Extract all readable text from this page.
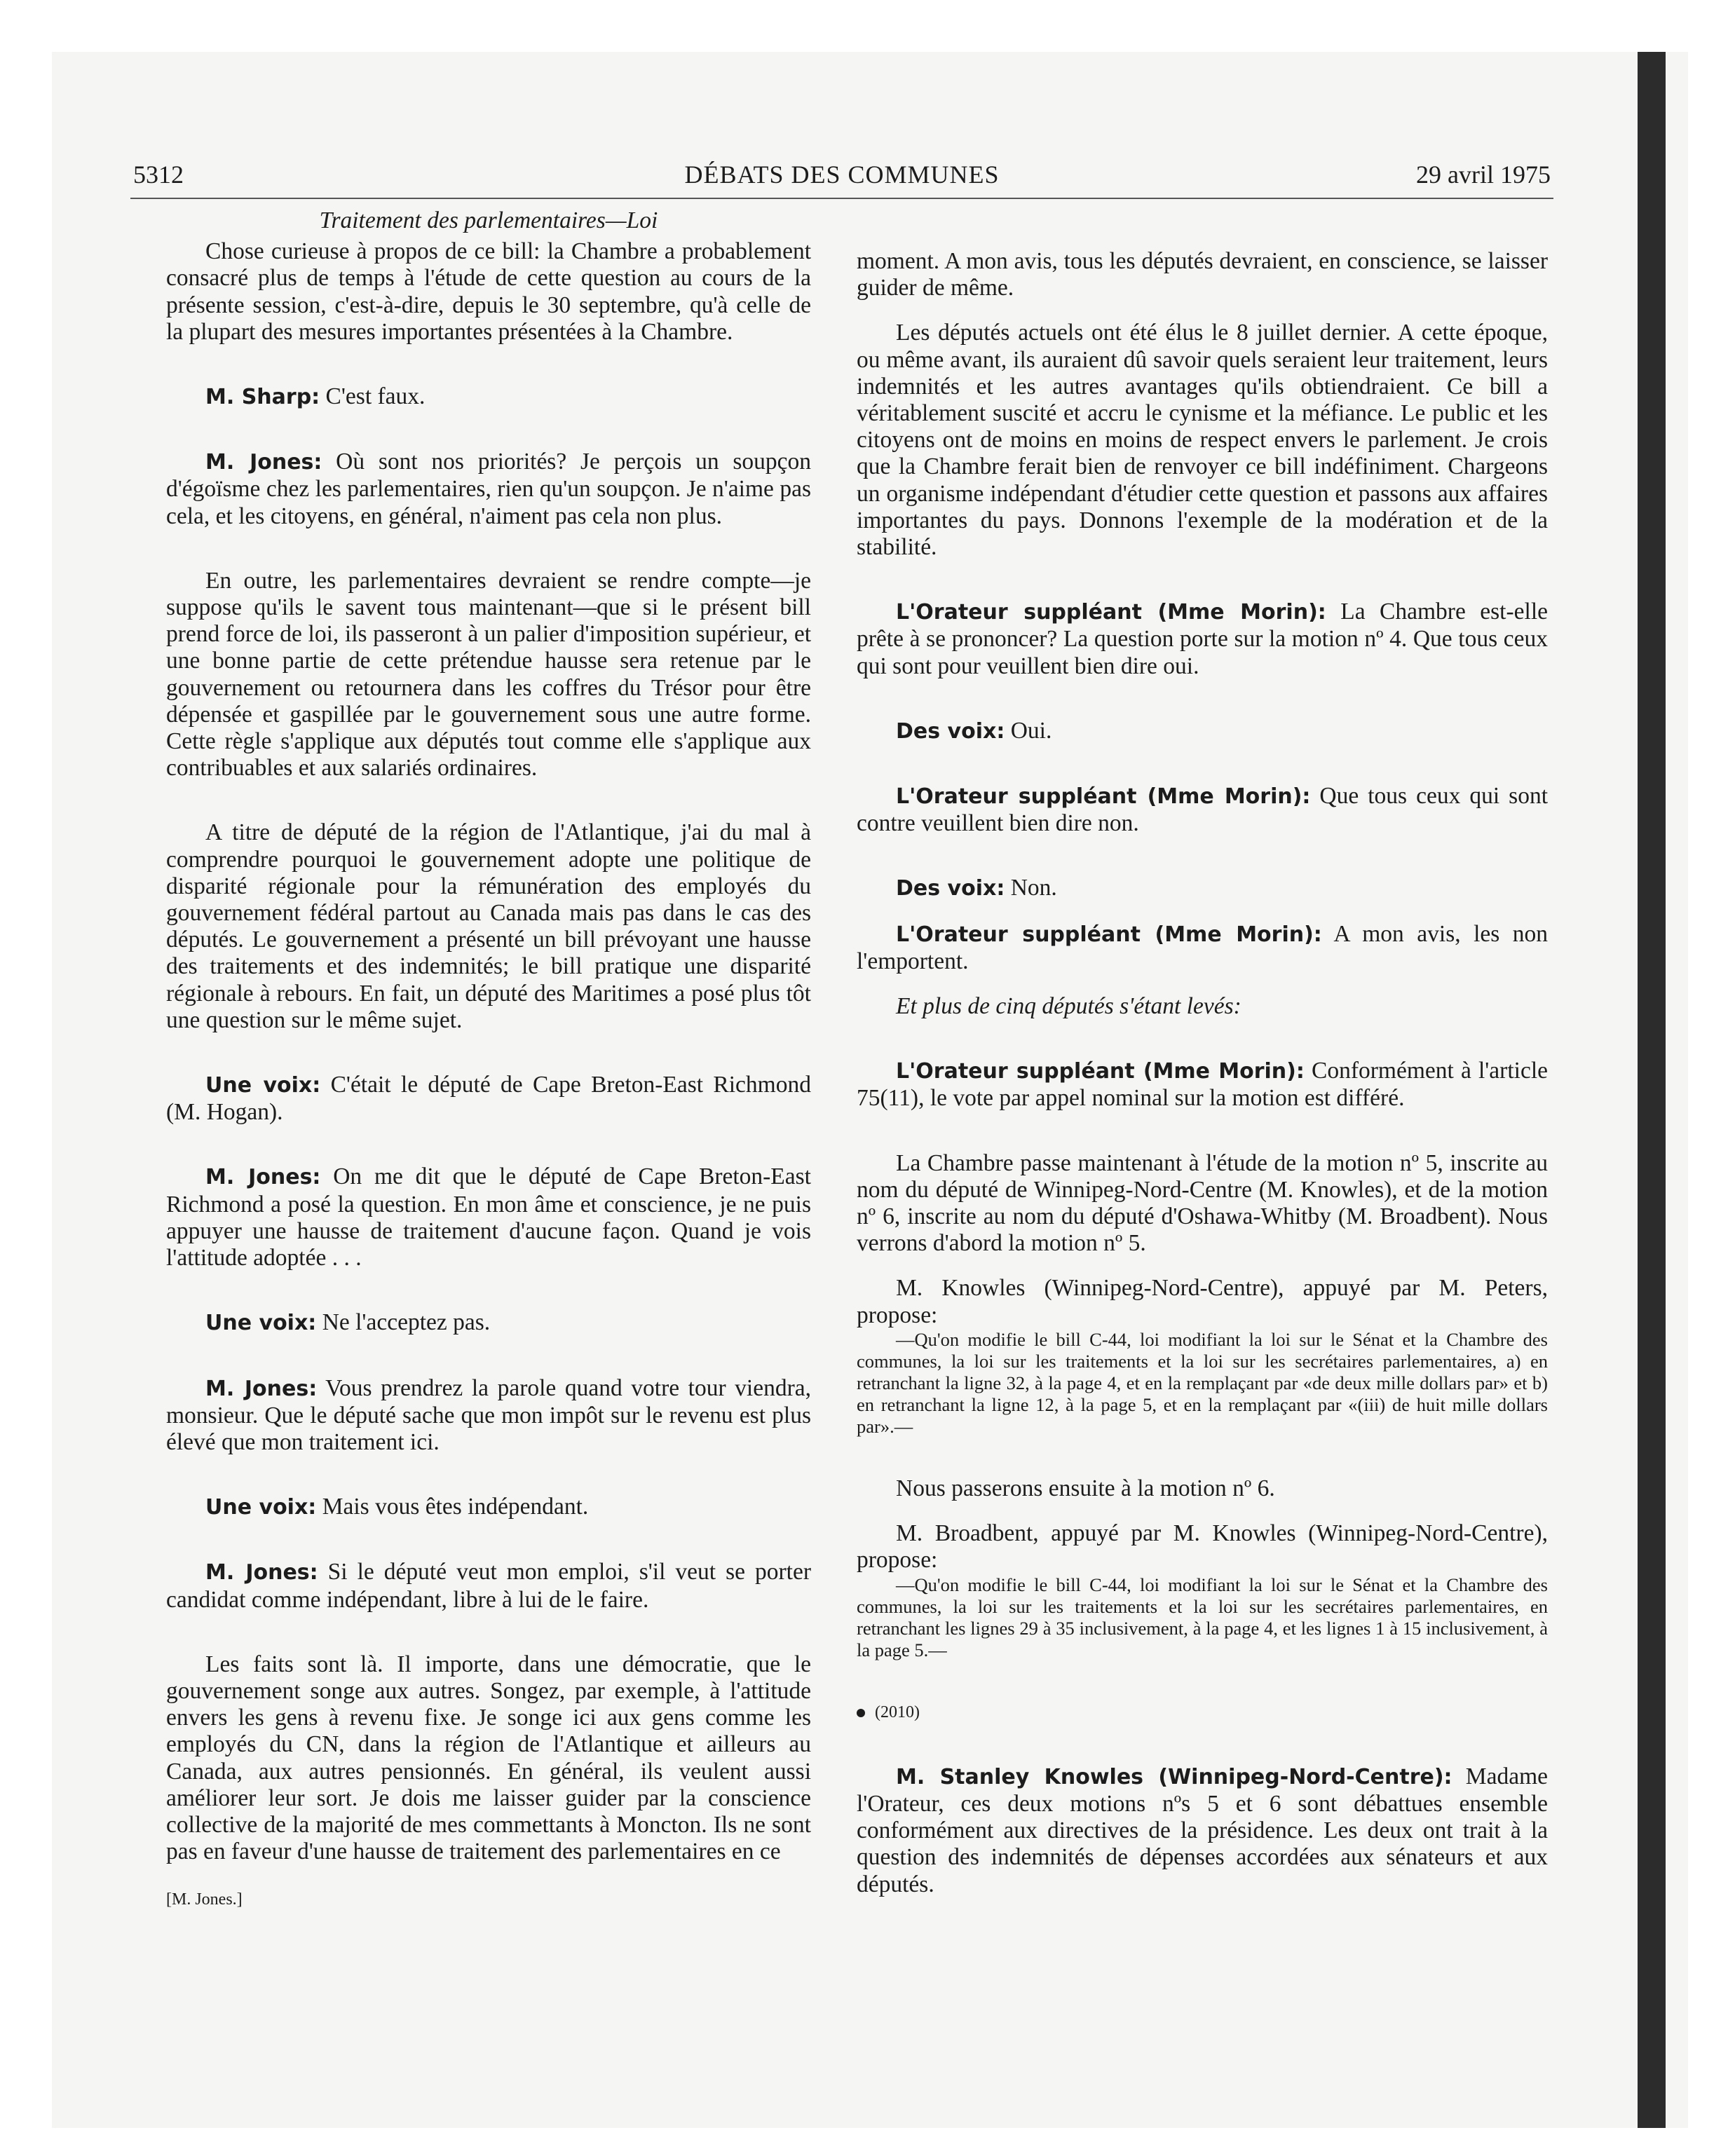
5312	DÉBATS DES COMMUNES	29 avril 1975
Traitement des parlementaires—Loi

Chose curieuse à propos de ce bill: la Chambre a probablement consacré plus de temps à l'étude de cette question au cours de la présente session, c'est-à-dire, depuis le 30 septembre, qu'à celle de la plupart des mesures importantes présentées à la Chambre.

M. Sharp: C'est faux.

M. Jones: Où sont nos priorités? Je perçois un soupçon d'égoïsme chez les parlementaires, rien qu'un soupçon. Je n'aime pas cela, et les citoyens, en général, n'aiment pas cela non plus.

En outre, les parlementaires devraient se rendre compte—je suppose qu'ils le savent tous maintenant—que si le présent bill prend force de loi, ils passeront à un palier d'imposition supérieur, et une bonne partie de cette prétendue hausse sera retenue par le gouvernement ou retournera dans les coffres du Trésor pour être dépensée et gaspillée par le gouvernement sous une autre forme. Cette règle s'applique aux députés tout comme elle s'applique aux contribuables et aux salariés ordinaires.

A titre de député de la région de l'Atlantique, j'ai du mal à comprendre pourquoi le gouvernement adopte une politique de disparité régionale pour la rémunération des employés du gouvernement fédéral partout au Canada mais pas dans le cas des députés. Le gouvernement a présenté un bill prévoyant une hausse des traitements et des indemnités; le bill pratique une disparité régionale à rebours. En fait, un député des Maritimes a posé plus tôt une question sur le même sujet.

Une voix: C'était le député de Cape Breton-East Richmond (M. Hogan).

M. Jones: On me dit que le député de Cape Breton-East Richmond a posé la question. En mon âme et conscience, je ne puis appuyer une hausse de traitement d'aucune façon. Quand je vois l'attitude adoptée . . .

Une voix: Ne l'acceptez pas.

M. Jones: Vous prendrez la parole quand votre tour viendra, monsieur. Que le député sache que mon impôt sur le revenu est plus élevé que mon traitement ici.

Une voix: Mais vous êtes indépendant.

M. Jones: Si le député veut mon emploi, s'il veut se porter candidat comme indépendant, libre à lui de le faire.

Les faits sont là. Il importe, dans une démocratie, que le gouvernement songe aux autres. Songez, par exemple, à l'attitude envers les gens à revenu fixe. Je songe ici aux gens comme les employés du CN, dans la région de l'Atlantique et ailleurs au Canada, aux autres pensionnés. En général, ils veulent aussi améliorer leur sort. Je dois me laisser guider par la conscience collective de la majorité de mes commettants à Moncton. Ils ne sont pas en faveur d'une hausse de traitement des parlementaires en ce

[M. Jones.]

moment. A mon avis, tous les députés devraient, en conscience, se laisser guider de même.

Les députés actuels ont été élus le 8 juillet dernier. A cette époque, ou même avant, ils auraient dû savoir quels seraient leur traitement, leurs indemnités et les autres avantages qu'ils obtiendraient. Ce bill a véritablement suscité et accru le cynisme et la méfiance. Le public et les citoyens ont de moins en moins de respect envers le parlement. Je crois que la Chambre ferait bien de renvoyer ce bill indéfiniment. Chargeons un organisme indépendant d'étudier cette question et passons aux affaires importantes du pays. Donnons l'exemple de la modération et de la stabilité.

L'Orateur suppléant (Mme Morin): La Chambre est-elle prête à se prononcer? La question porte sur la motion nº 4. Que tous ceux qui sont pour veuillent bien dire oui.

Des voix: Oui.

L'Orateur suppléant (Mme Morin): Que tous ceux qui sont contre veuillent bien dire non.

Des voix: Non.

L'Orateur suppléant (Mme Morin): A mon avis, les non l'emportent.

Et plus de cinq députés s'étant levés:

L'Orateur suppléant (Mme Morin): Conformément à l'article 75(11), le vote par appel nominal sur la motion est différé.

La Chambre passe maintenant à l'étude de la motion nº 5, inscrite au nom du député de Winnipeg-Nord-Centre (M. Knowles), et de la motion nº 6, inscrite au nom du député d'Oshawa-Whitby (M. Broadbent). Nous verrons d'abord la motion nº 5.

M. Knowles (Winnipeg-Nord-Centre), appuyé par M. Peters, propose:

—Qu'on modifie le bill C-44, loi modifiant la loi sur le Sénat et la Chambre des communes, la loi sur les traitements et la loi sur les secrétaires parlementaires, a) en retranchant la ligne 32, à la page 4, et en la remplaçant par «de deux mille dollars par» et b) en retranchant la ligne 12, à la page 5, et en la remplaçant par «(iii) de huit mille dollars par».—

Nous passerons ensuite à la motion nº 6.

M. Broadbent, appuyé par M. Knowles (Winnipeg-Nord-Centre), propose:

—Qu'on modifie le bill C-44, loi modifiant la loi sur le Sénat et la Chambre des communes, la loi sur les traitements et la loi sur les secrétaires parlementaires, en retranchant les lignes 29 à 35 inclusivement, à la page 4, et les lignes 1 à 15 inclusivement, à la page 5.—

(2010)

M. Stanley Knowles (Winnipeg-Nord-Centre): Madame l'Orateur, ces deux motions nºs 5 et 6 sont débattues ensemble conformément aux directives de la présidence. Les deux ont trait à la question des indemnités de dépenses accordées aux sénateurs et aux députés.
